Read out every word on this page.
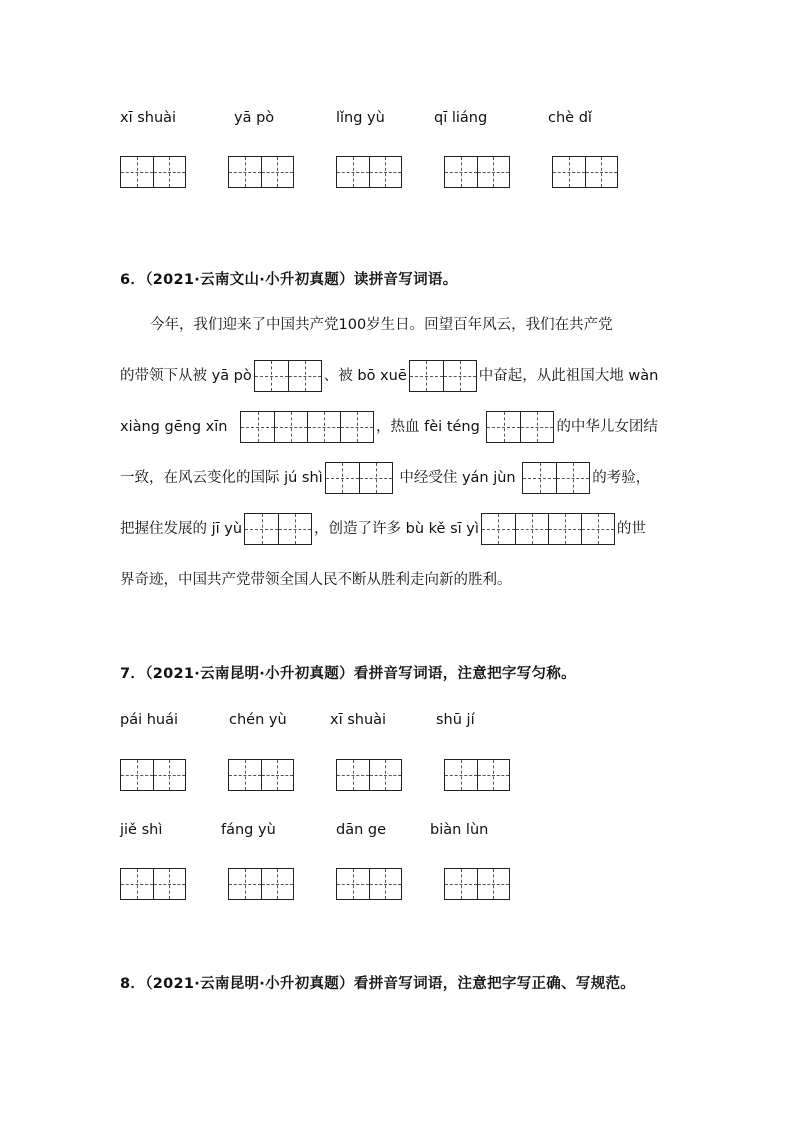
xī shuài	yā pò	lǐng yù	qī liáng	chè dǐ
6．（2021·云南文山·小升初真题）读拼音写词语。

今年，我们迎来了中国共产党100岁生日。回望百年风云，我们在共产党

的带领下从被 yā pò	、被 bō xuē	中奋起，从此祖国大地 wàn

xiàng gēng xīn	，热血 fèi téng	的中华儿女团结

一致，在风云变化的国际 jú shì	中经受住 yán jùn	的考验，

把握住发展的 jī yù	，创造了许多 bù kě sī yì	的世

界奇迹，中国共产党带领全国人民不断从胜利走向新的胜利。

7．（2021·云南昆明·小升初真题）看拼音写词语，注意把字写匀称。
pái huái	chén yù	xī shuài	shū jí
jiě shì	fáng yù	dān ge	biàn lùn
8．（2021·云南昆明·小升初真题）看拼音写词语，注意把字写正确、写规范。
